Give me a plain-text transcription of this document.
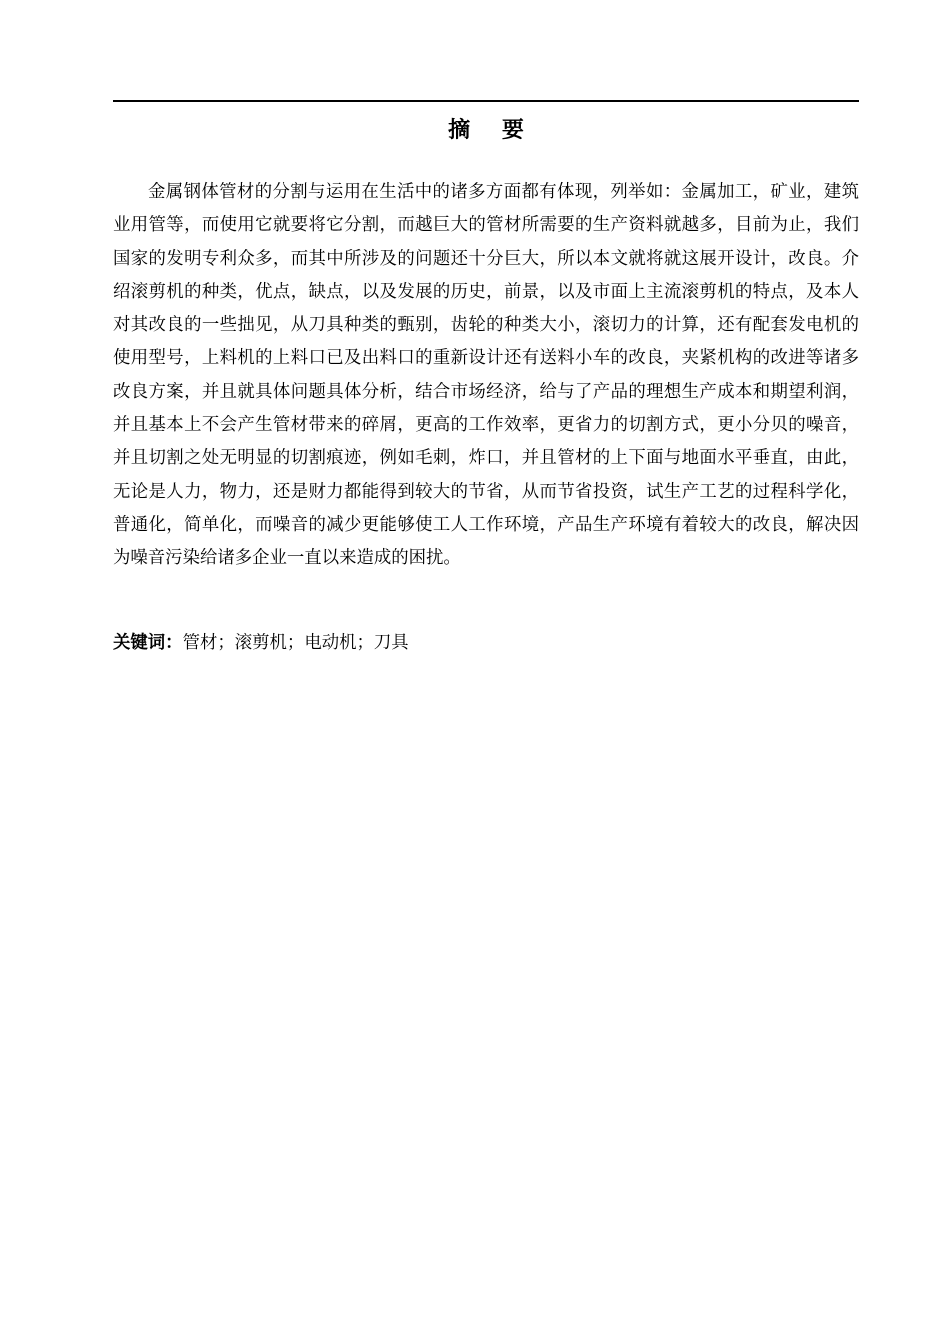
摘 要

金属钢体管材的分割与运用在生活中的诸多方面都有体现，列举如：金属加工，矿业，建筑业用管等，而使用它就要将它分割，而越巨大的管材所需要的生产资料就越多，目前为止，我们国家的发明专利众多，而其中所涉及的问题还十分巨大，所以本文就将就这展开设计，改良。介绍滚剪机的种类，优点，缺点，以及发展的历史，前景，以及市面上主流滚剪机的特点，及本人对其改良的一些拙见，从刀具种类的甄别，齿轮的种类大小，滚切力的计算，还有配套发电机的使用型号，上料机的上料口已及出料口的重新设计还有送料小车的改良，夹紧机构的改进等诸多改良方案，并且就具体问题具体分析，结合市场经济，给与了产品的理想生产成本和期望利润，并且基本上不会产生管材带来的碎屑，更高的工作效率，更省力的切割方式，更小分贝的噪音，并且切割之处无明显的切割痕迹，例如毛刺，炸口，并且管材的上下面与地面水平垂直，由此，无论是人力，物力，还是财力都能得到较大的节省，从而节省投资，试生产工艺的过程科学化，普通化，简单化，而噪音的减少更能够使工人工作环境，产品生产环境有着较大的改良，解决因为噪音污染给诸多企业一直以来造成的困扰。

关键词：管材；滚剪机；电动机；刀具
